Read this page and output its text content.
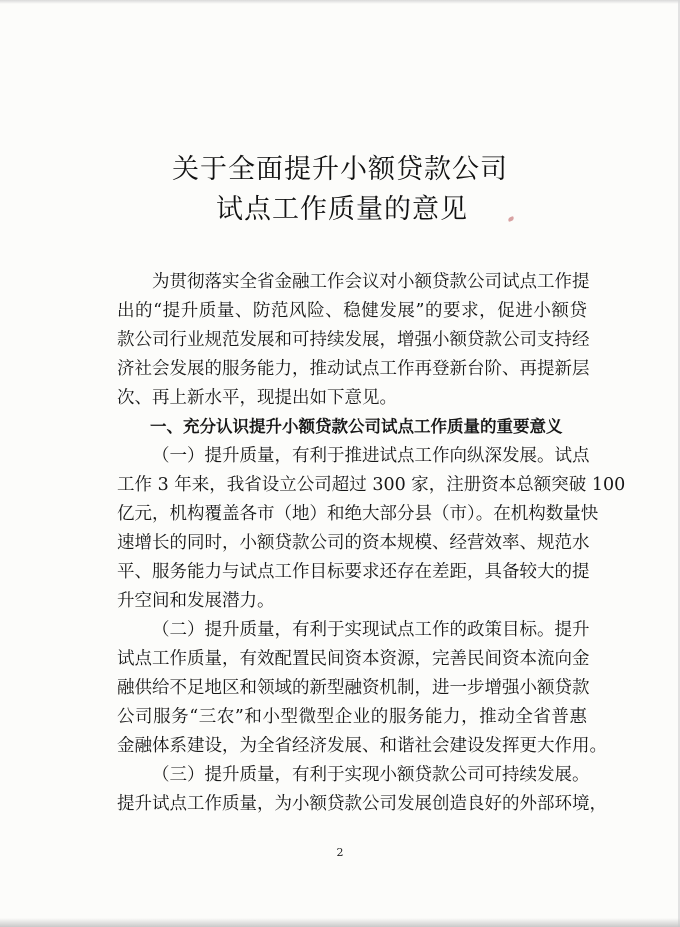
关于全面提升小额贷款公司
试点工作质量的意见
为贯彻落实全省金融工作会议对小额贷款公司试点工作提
出的“提升质量、防范风险、稳健发展”的要求，促进小额贷
款公司行业规范发展和可持续发展，增强小额贷款公司支持经
济社会发展的服务能力，推动试点工作再登新台阶、再提新层
次、再上新水平，现提出如下意见。
一、充分认识提升小额贷款公司试点工作质量的重要意义
（一）提升质量，有利于推进试点工作向纵深发展。试点
工作 3 年来，我省设立公司超过 300 家，注册资本总额突破 100
亿元，机构覆盖各市（地）和绝大部分县（市）。在机构数量快
速增长的同时，小额贷款公司的资本规模、经营效率、规范水
平、服务能力与试点工作目标要求还存在差距，具备较大的提
升空间和发展潜力。
（二）提升质量，有利于实现试点工作的政策目标。提升
试点工作质量，有效配置民间资本资源，完善民间资本流向金
融供给不足地区和领域的新型融资机制，进一步增强小额贷款
公司服务“三农”和小型微型企业的服务能力，推动全省普惠
金融体系建设，为全省经济发展、和谐社会建设发挥更大作用。
（三）提升质量，有利于实现小额贷款公司可持续发展。
提升试点工作质量，为小额贷款公司发展创造良好的外部环境，
2
